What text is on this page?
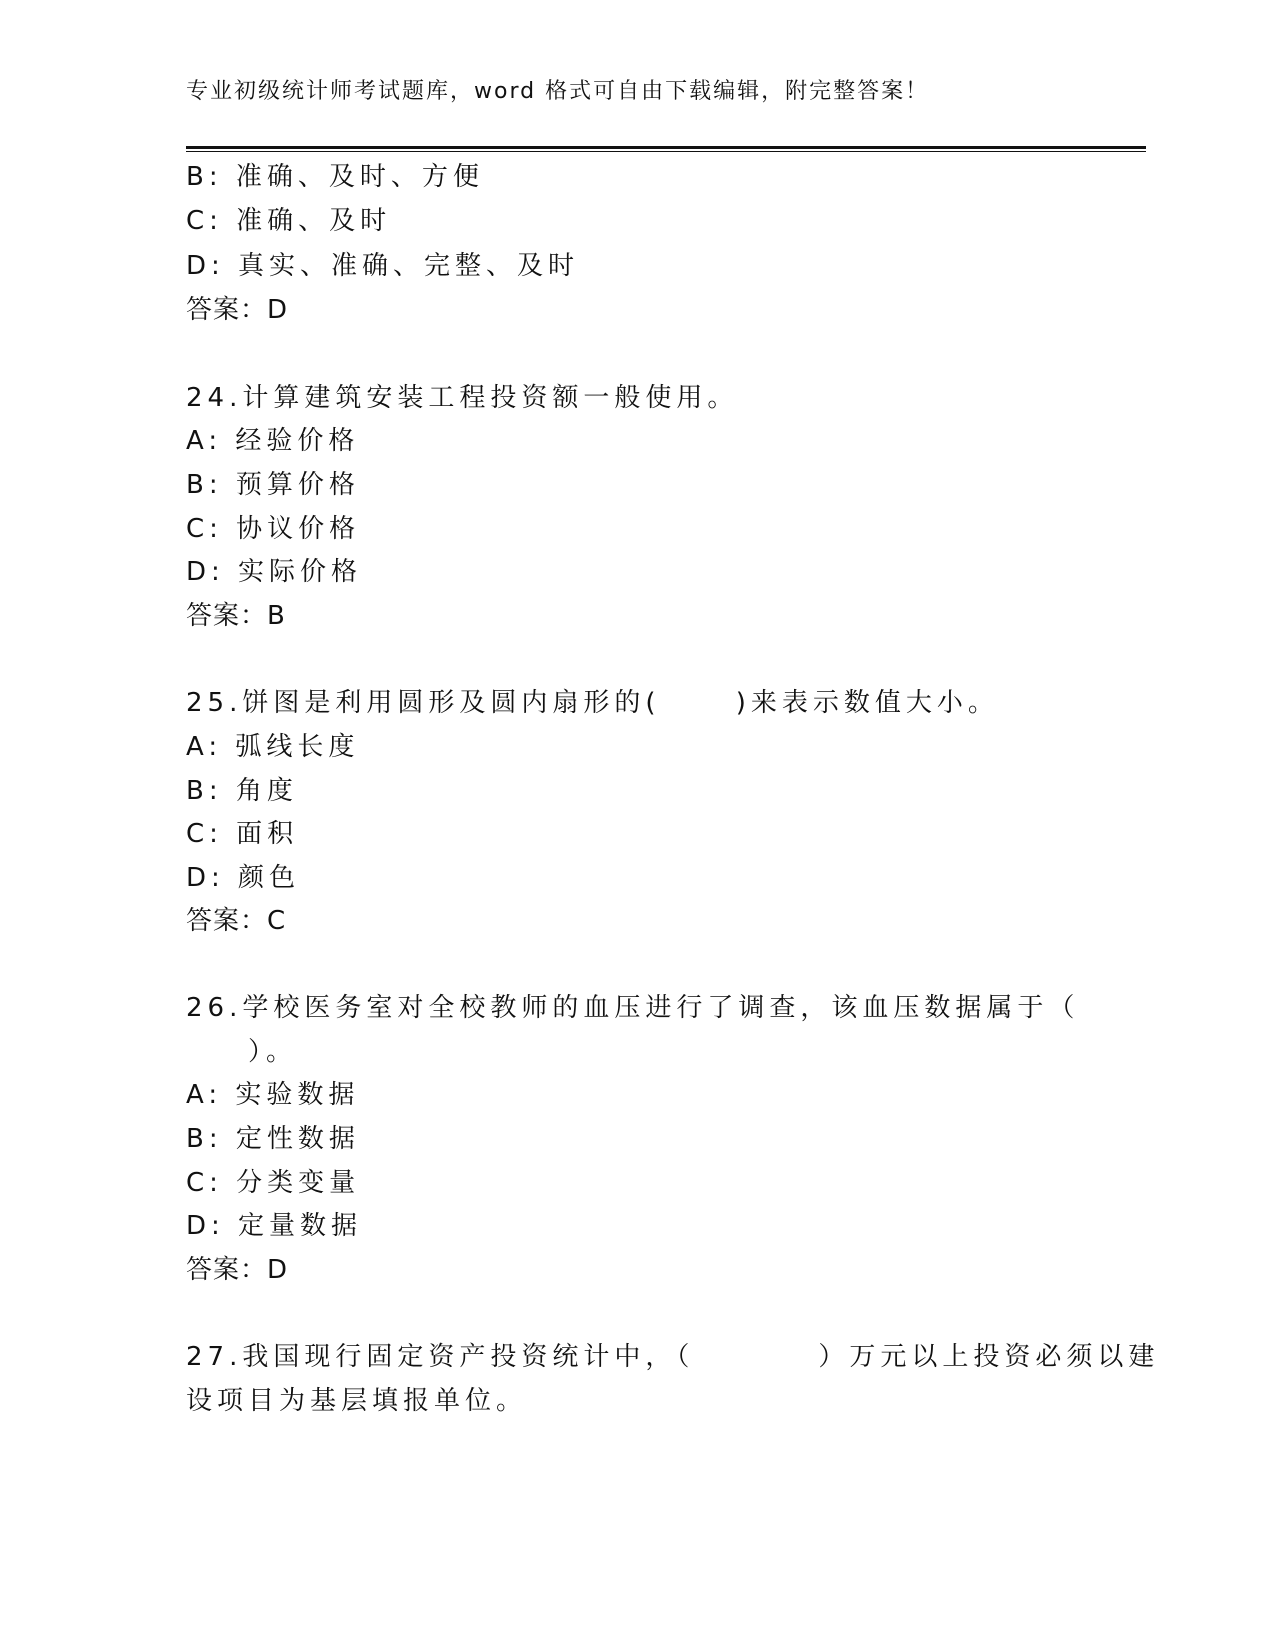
专业初级统计师考试题库，word 格式可自由下载编辑，附完整答案！
B: 准确、及时、方便
C: 准确、及时
D: 真实、准确、完整、及时
答案：D
24.计算建筑安装工程投资额一般使用。
A: 经验价格
B: 预算价格
C: 协议价格
D: 实际价格
答案：B
25.饼图是利用圆形及圆内扇形的(　 　)来表示数值大小。
A: 弧线长度
B: 角度
C: 面积
D: 颜色
答案：C
26.学校医务室对全校教师的血压进行了调查，该血压数据属于（
　　）。
A: 实验数据
B: 定性数据
C: 分类变量
D: 定量数据
答案：D
27.我国现行固定资产投资统计中，（　　　　）万元以上投资必须以建
设项目为基层填报单位。
